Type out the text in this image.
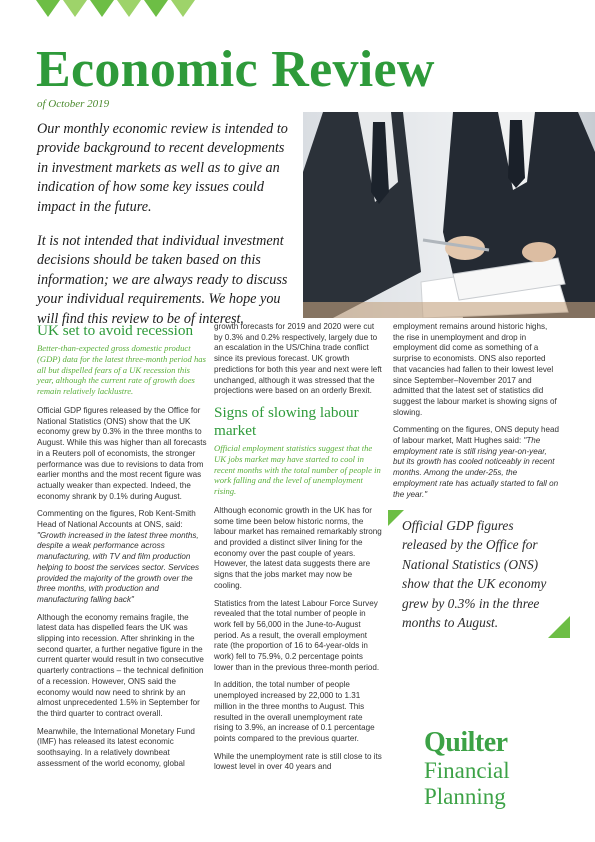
Economic Review
of October 2019

Our monthly economic review is intended to provide background to recent developments in investment markets as well as to give an indication of how some key issues could impact in the future.

It is not intended that individual investment decisions should be taken based on this information; we are always ready to discuss your individual requirements. We hope you will find this review to be of interest.

UK set to avoid recession
Better-than-expected gross domestic product (GDP) data for the latest three-month period has all but dispelled fears of a UK recession this year, although the current rate of growth does remain relatively lacklustre.

Official GDP figures released by the Office for National Statistics (ONS) show that the UK economy grew by 0.3% in the three months to August. While this was higher than all forecasts in a Reuters poll of economists, the stronger performance was due to revisions to data from earlier months and the most recent figure was actually weaker than expected. Indeed, the economy shrank by 0.1% during August.

Commenting on the figures, Rob Kent-Smith Head of National Accounts at ONS, said: "Growth increased in the latest three months, despite a weak performance across manufacturing, with TV and film production helping to boost the services sector. Services provided the majority of the growth over the three months, with production and manufacturing falling back"

Although the economy remains fragile, the latest data has dispelled fears the UK was slipping into recession. After shrinking in the second quarter, a further negative figure in the current quarter would result in two consecutive quarterly contractions – the technical definition of a recession. However, ONS said the economy would now need to shrink by an almost unprecedented 1.5% in September for the third quarter to contract overall.

Meanwhile, the International Monetary Fund (IMF) has released its latest economic soothsaying. In a relatively downbeat assessment of the world economy, global

growth forecasts for 2019 and 2020 were cut by 0.3% and 0.2% respectively, largely due to an escalation in the US/China trade conflict since its previous forecast. UK growth predictions for both this year and next were left unchanged, although it was stressed that the projections were based on an orderly Brexit.

Signs of slowing labour market
Official employment statistics suggest that the UK jobs market may have started to cool in recent months with the total number of people in work falling and the level of unemployment rising.

Although economic growth in the UK has for some time been below historic norms, the labour market has remained remarkably strong and provided a distinct silver lining for the economy over the past couple of years. However, the latest data suggests there are signs that the jobs market may now be cooling.

Statistics from the latest Labour Force Survey revealed that the total number of people in work fell by 56,000 in the June-to-August period. As a result, the overall employment rate (the proportion of 16 to 64-year-olds in work) fell to 75.9%, 0.2 percentage points lower than in the previous three-month period.

In addition, the total number of people unemployed increased by 22,000 to 1.31 million in the three months to August. This resulted in the overall unemployment rate rising to 3.9%, an increase of 0.1 percentage points compared to the previous quarter.

While the unemployment rate is still close to its lowest level in over 40 years and

employment remains around historic highs, the rise in unemployment and drop in employment did come as something of a surprise to economists. ONS also reported that vacancies had fallen to their lowest level since September–November 2017 and admitted that the latest set of statistics did suggest the labour market is showing signs of slowing.

Commenting on the figures, ONS deputy head of labour market, Matt Hughes said: "The employment rate is still rising year-on-year, but its growth has cooled noticeably in recent months. Among the under-25s, the employment rate has actually started to fall on the year."

Official GDP figures released by the Office for National Statistics (ONS) show that the UK economy grew by 0.3% in the three months to August.
Quilter
Financial
Planning
